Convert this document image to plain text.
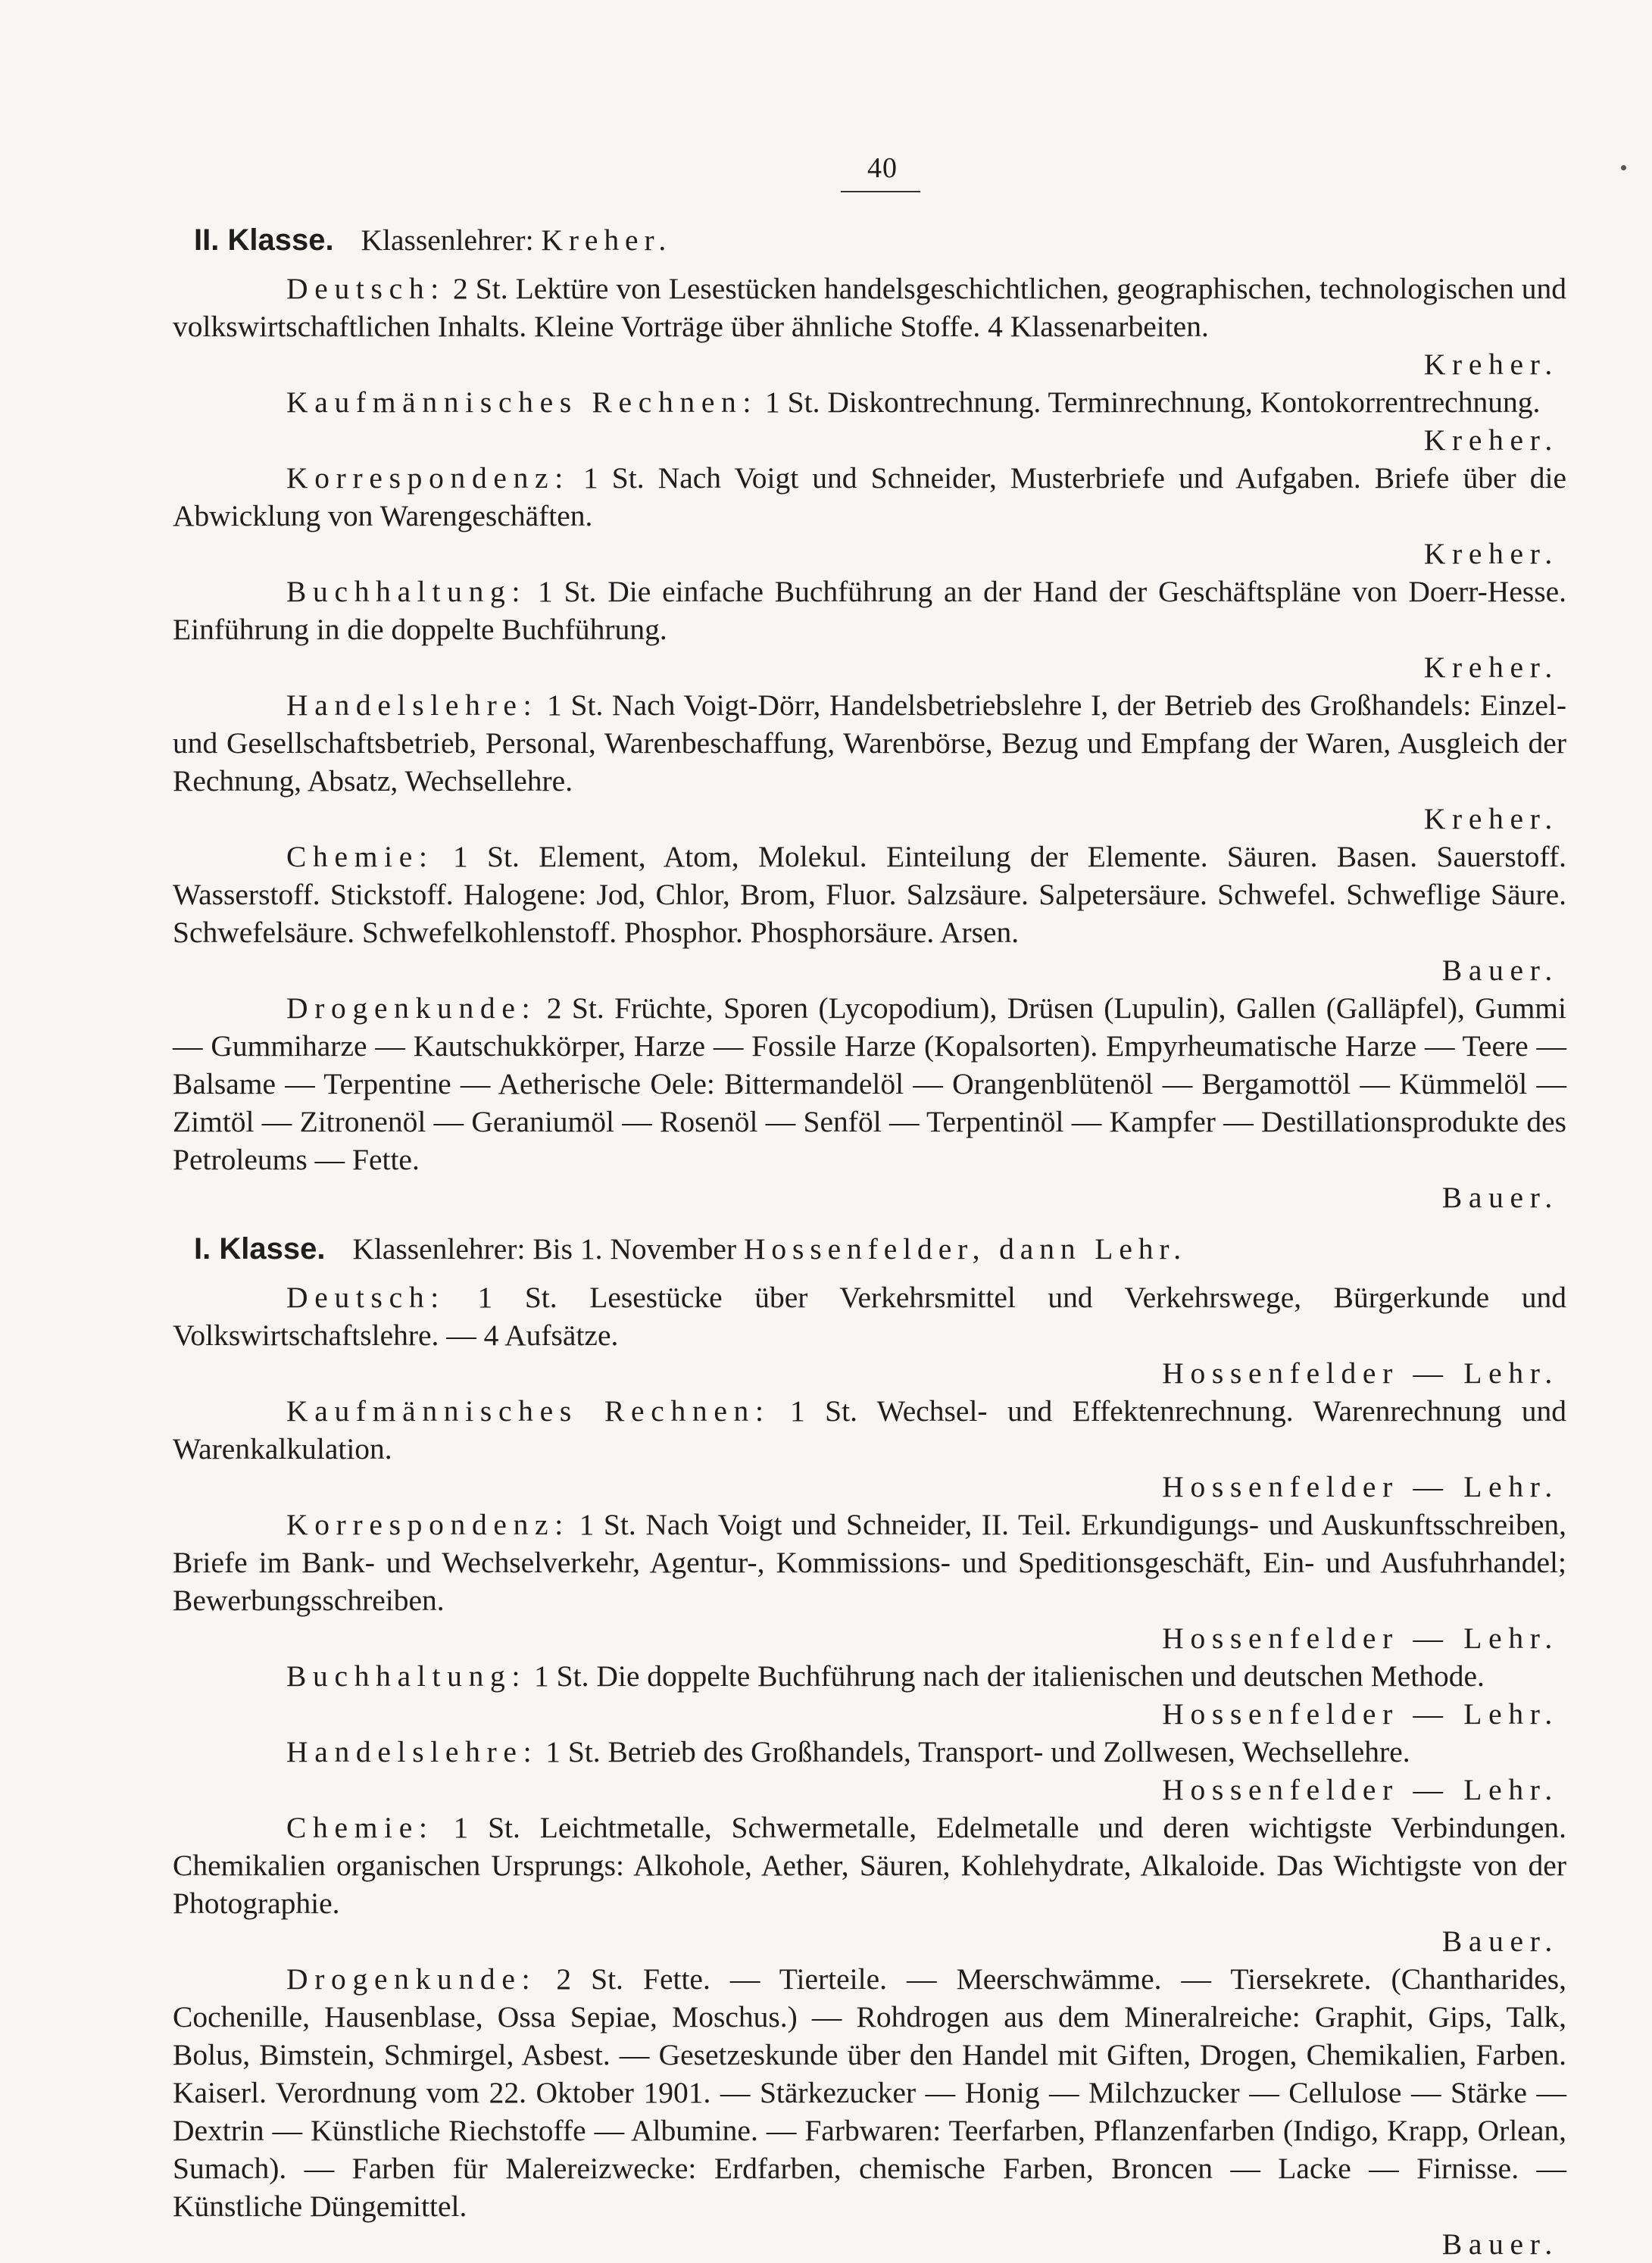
40
II. Klasse. Klassenlehrer: Kreher.

Deutsch: 2 St. Lektüre von Lesestücken handelsgeschichtlichen, geographischen, technologischen und volkswirtschaftlichen Inhalts. Kleine Vorträge über ähnliche Stoffe. 4 Klassenarbeiten.

Kreher.

Kaufmännisches Rechnen: 1 St. Diskontrechnung. Terminrechnung, Kontokorrentrechnung.

Kreher.

Korrespondenz: 1 St. Nach Voigt und Schneider, Musterbriefe und Aufgaben. Briefe über die Abwicklung von Warengeschäften.

Kreher.

Buchhaltung: 1 St. Die einfache Buchführung an der Hand der Geschäftspläne von Doerr-Hesse. Einführung in die doppelte Buchführung.

Kreher.

Handelslehre: 1 St. Nach Voigt-Dörr, Handelsbetriebslehre I, der Betrieb des Großhandels: Einzel- und Gesellschaftsbetrieb, Personal, Warenbeschaffung, Warenbörse, Bezug und Empfang der Waren, Ausgleich der Rechnung, Absatz, Wechsellehre.

Kreher.

Chemie: 1 St. Element, Atom, Molekul. Einteilung der Elemente. Säuren. Basen. Sauerstoff. Wasserstoff. Stickstoff. Halogene: Jod, Chlor, Brom, Fluor. Salzsäure. Salpetersäure. Schwefel. Schweflige Säure. Schwefelsäure. Schwefelkohlenstoff. Phosphor. Phosphorsäure. Arsen.

Bauer.

Drogenkunde: 2 St. Früchte, Sporen (Lycopodium), Drüsen (Lupulin), Gallen (Galläpfel), Gummi — Gummiharze — Kautschukkörper, Harze — Fossile Harze (Kopalsorten). Empyrheumatische Harze — Teere — Balsame — Terpentine — Aetherische Oele: Bittermandelöl — Orangenblütenöl — Bergamottöl — Kümmelöl — Zimtöl — Zitronenöl — Geraniumöl — Rosenöl — Senföl — Terpentinöl — Kampfer — Destillationsprodukte des Petroleums — Fette.

Bauer.
I. Klasse. Klassenlehrer: Bis 1. November Hossenfelder, dann Lehr.

Deutsch: 1 St. Lesestücke über Verkehrsmittel und Verkehrswege, Bürgerkunde und Volkswirtschaftslehre. — 4 Aufsätze.

Hossenfelder — Lehr.

Kaufmännisches Rechnen: 1 St. Wechsel- und Effektenrechnung. Warenrechnung und Warenkalkulation.

Hossenfelder — Lehr.

Korrespondenz: 1 St. Nach Voigt und Schneider, II. Teil. Erkundigungs- und Auskunftsschreiben, Briefe im Bank- und Wechselverkehr, Agentur-, Kommissions- und Speditionsgeschäft, Ein- und Ausfuhrhandel; Bewerbungsschreiben.

Hossenfelder — Lehr.

Buchhaltung: 1 St. Die doppelte Buchführung nach der italienischen und deutschen Methode.

Hossenfelder — Lehr.

Handelslehre: 1 St. Betrieb des Großhandels, Transport- und Zollwesen, Wechsellehre.

Hossenfelder — Lehr.

Chemie: 1 St. Leichtmetalle, Schwermetalle, Edelmetalle und deren wichtigste Verbindungen. Chemikalien organischen Ursprungs: Alkohole, Aether, Säuren, Kohlehydrate, Alkaloide. Das Wichtigste von der Photographie.

Bauer.

Drogenkunde: 2 St. Fette. — Tierteile. — Meerschwämme. — Tiersekrete. (Chantharides, Cochenille, Hausenblase, Ossa Sepiae, Moschus.) — Rohdrogen aus dem Mineralreiche: Graphit, Gips, Talk, Bolus, Bimstein, Schmirgel, Asbest. — Gesetzeskunde über den Handel mit Giften, Drogen, Chemikalien, Farben. Kaiserl. Verordnung vom 22. Oktober 1901. — Stärkezucker — Honig — Milchzucker — Cellulose — Stärke — Dextrin — Künstliche Riechstoffe — Albumine. — Farbwaren: Teerfarben, Pflanzenfarben (Indigo, Krapp, Orlean, Sumach). — Farben für Malereizwecke: Erdfarben, chemische Farben, Broncen — Lacke — Firnisse. — Künstliche Düngemittel.

Bauer.
